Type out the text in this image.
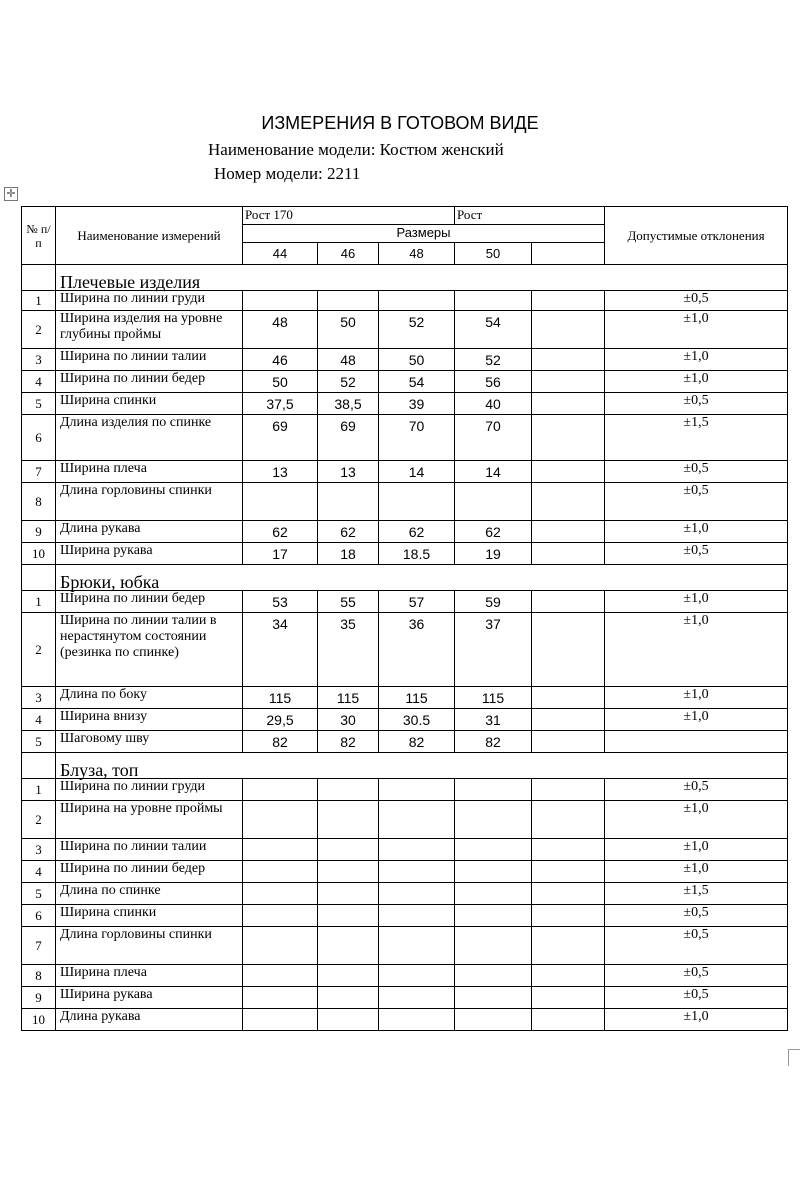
ИЗМЕРЕНИЯ В ГОТОВОМ ВИДЕ
Наименование модели: Костюм женский
Номер модели: 2211
✛
№ п/ п	Наименование измерений	Рост 170			Рост		Допустимые отклонения
		Размеры					
		44	46	48	50		
	Плечевые изделия						
1	Ширина по линии груди						±0,5
2	Ширина изделия на уровне глубины проймы	48	50	52	54		±1,0
3	Ширина по линии талии	46	48	50	52		±1,0
4	Ширина по линии бедер	50	52	54	56		±1,0
5	Ширина спинки	37,5	38,5	39	40		±0,5
6	Длина изделия по спинке	69	69	70	70		±1,5
7	Ширина плеча	13	13	14	14		±0,5
8	Длина горловины спинки						±0,5
9	Длина рукава	62	62	62	62		±1,0
10	Ширина рукава	17	18	18.5	19		±0,5
	Брюки, юбка						
1	Ширина по линии бедер	53	55	57	59		±1,0
2	Ширина по линии талии в нерастянутом состоянии (резинка по спинке)	34	35	36	37		±1,0
3	Длина по боку	115	115	115	115		±1,0
4	Ширина внизу	29,5	30	30.5	31		±1,0
5	Шаговому шву	82	82	82	82		
	Блуза, топ						
1	Ширина по линии груди						±0,5
2	Ширина на уровне проймы						±1,0
3	Ширина по линии талии						±1,0
4	Ширина по линии бедер						±1,0
5	Длина по спинке						±1,5
6	Ширина спинки						±0,5
7	Длина горловины спинки						±0,5
8	Ширина плеча						±0,5
9	Ширина рукава						±0,5
10	Длина рукава						±1,0
